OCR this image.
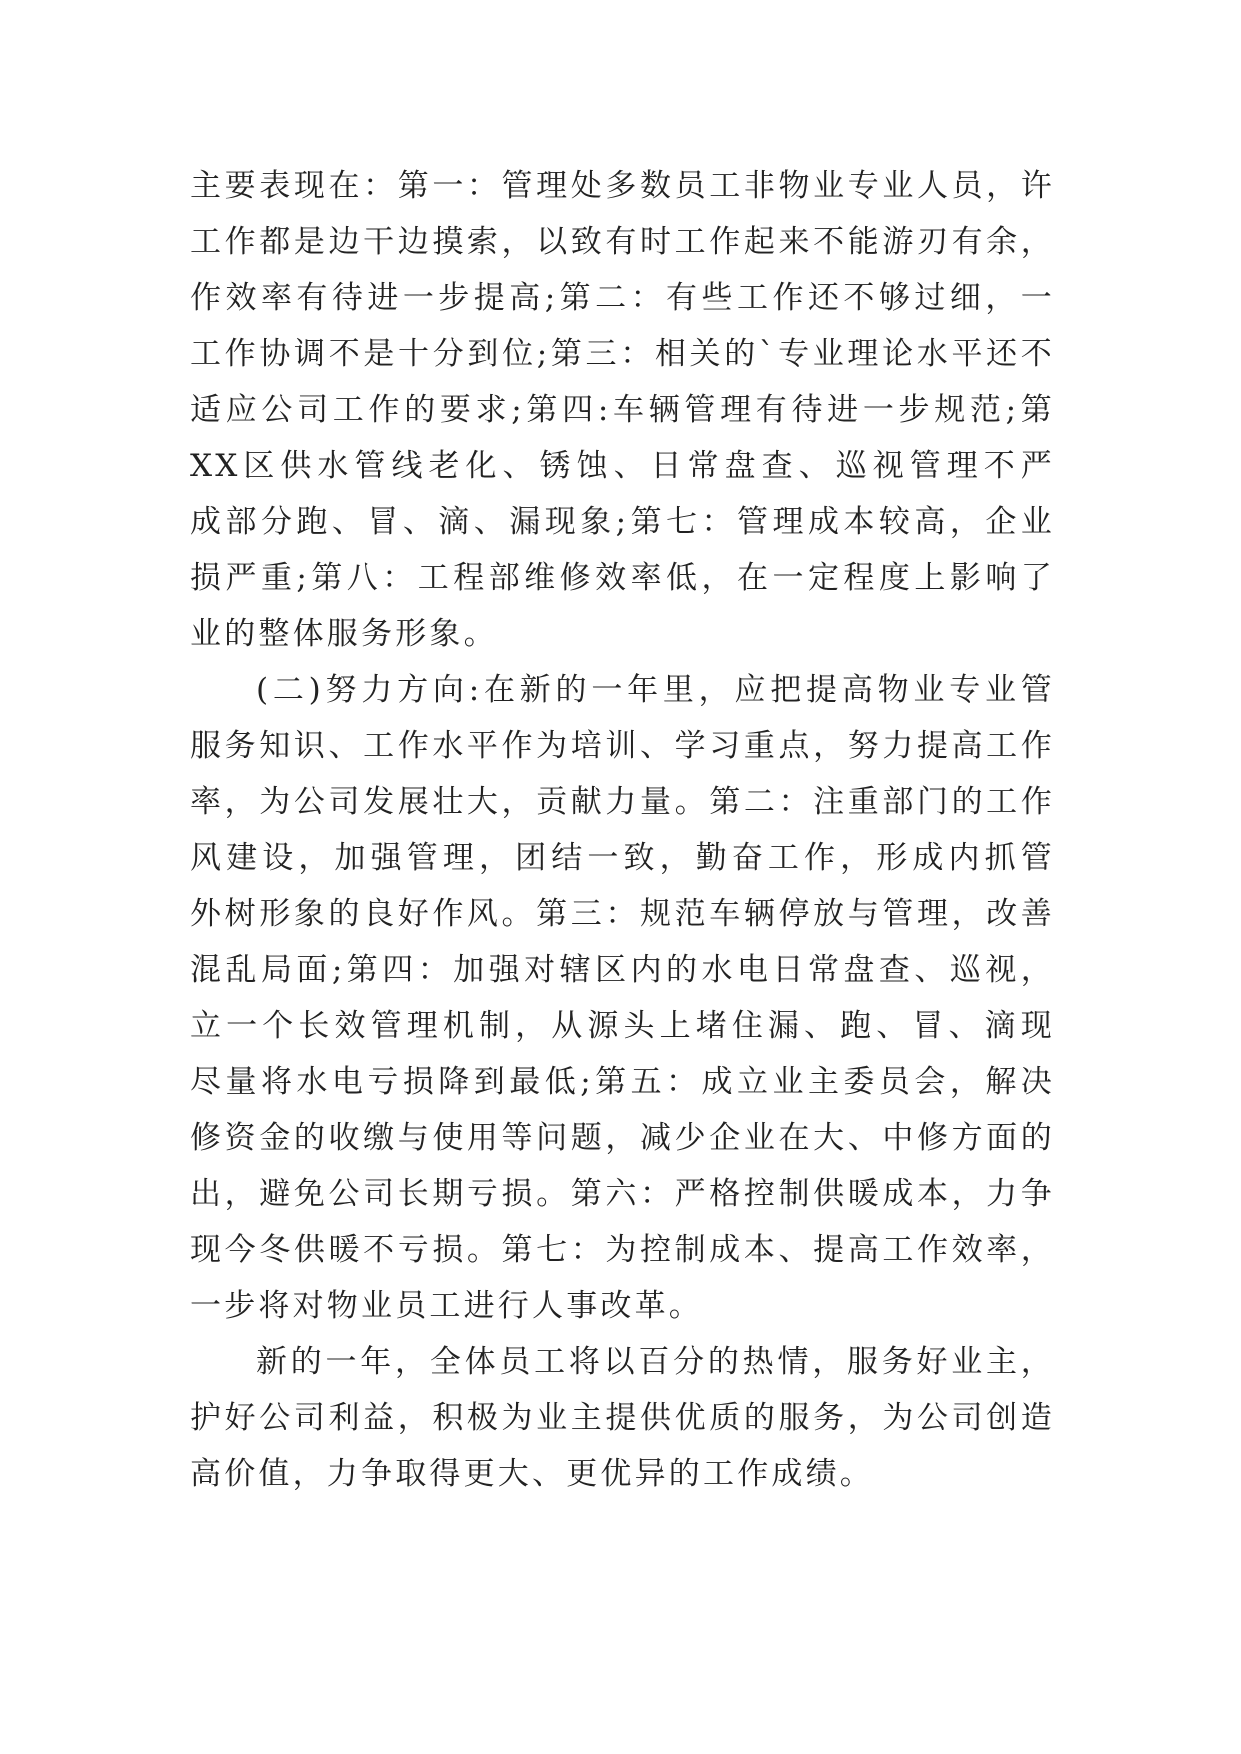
主要表现在：第一：管理处多数员工非物业专业人员，许
工作都是边干边摸索，以致有时工作起来不能游刃有余，
作效率有待进一步提高;第二：有些工作还不够过细，一
工作协调不是十分到位;第三：相关的`专业理论水平还不
适应公司工作的要求;第四:车辆管理有待进一步规范;第
XX区供水管线老化、锈蚀、日常盘查、巡视管理不严
成部分跑、冒、滴、漏现象;第七：管理成本较高，企业
损严重;第八：工程部维修效率低，在一定程度上影响了
业的整体服务形象。
(二)努力方向:在新的一年里，应把提高物业专业管
服务知识、工作水平作为培训、学习重点，努力提高工作
率，为公司发展壮大，贡献力量。第二：注重部门的工作
风建设，加强管理，团结一致，勤奋工作，形成内抓管
外树形象的良好作风。第三：规范车辆停放与管理，改善
混乱局面;第四：加强对辖区内的水电日常盘查、巡视，
立一个长效管理机制，从源头上堵住漏、跑、冒、滴现
尽量将水电亏损降到最低;第五：成立业主委员会，解决
修资金的收缴与使用等问题，减少企业在大、中修方面的
出，避免公司长期亏损。第六：严格控制供暖成本，力争
现今冬供暖不亏损。第七：为控制成本、提高工作效率，
一步将对物业员工进行人事改革。
新的一年，全体员工将以百分的热情，服务好业主，
护好公司利益，积极为业主提供优质的服务，为公司创造
高价值，力争取得更大、更优异的工作成绩。
